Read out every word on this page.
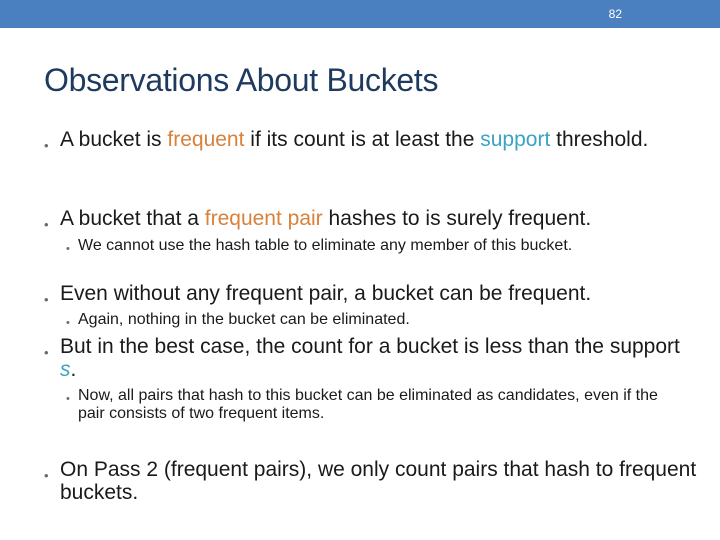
82
Observations About Buckets
• A bucket is frequent if its count is at least the support threshold.
• A bucket that a frequent pair hashes to is surely frequent.
• We cannot use the hash table to eliminate any member of this bucket.
• Even without any frequent pair, a bucket can be frequent.
• Again, nothing in the bucket can be eliminated.
• But in the best case, the count for a bucket is less than the support s.
• Now, all pairs that hash to this bucket can be eliminated as candidates, even if the pair consists of two frequent items.
• On Pass 2 (frequent pairs), we only count pairs that hash to frequent buckets.
